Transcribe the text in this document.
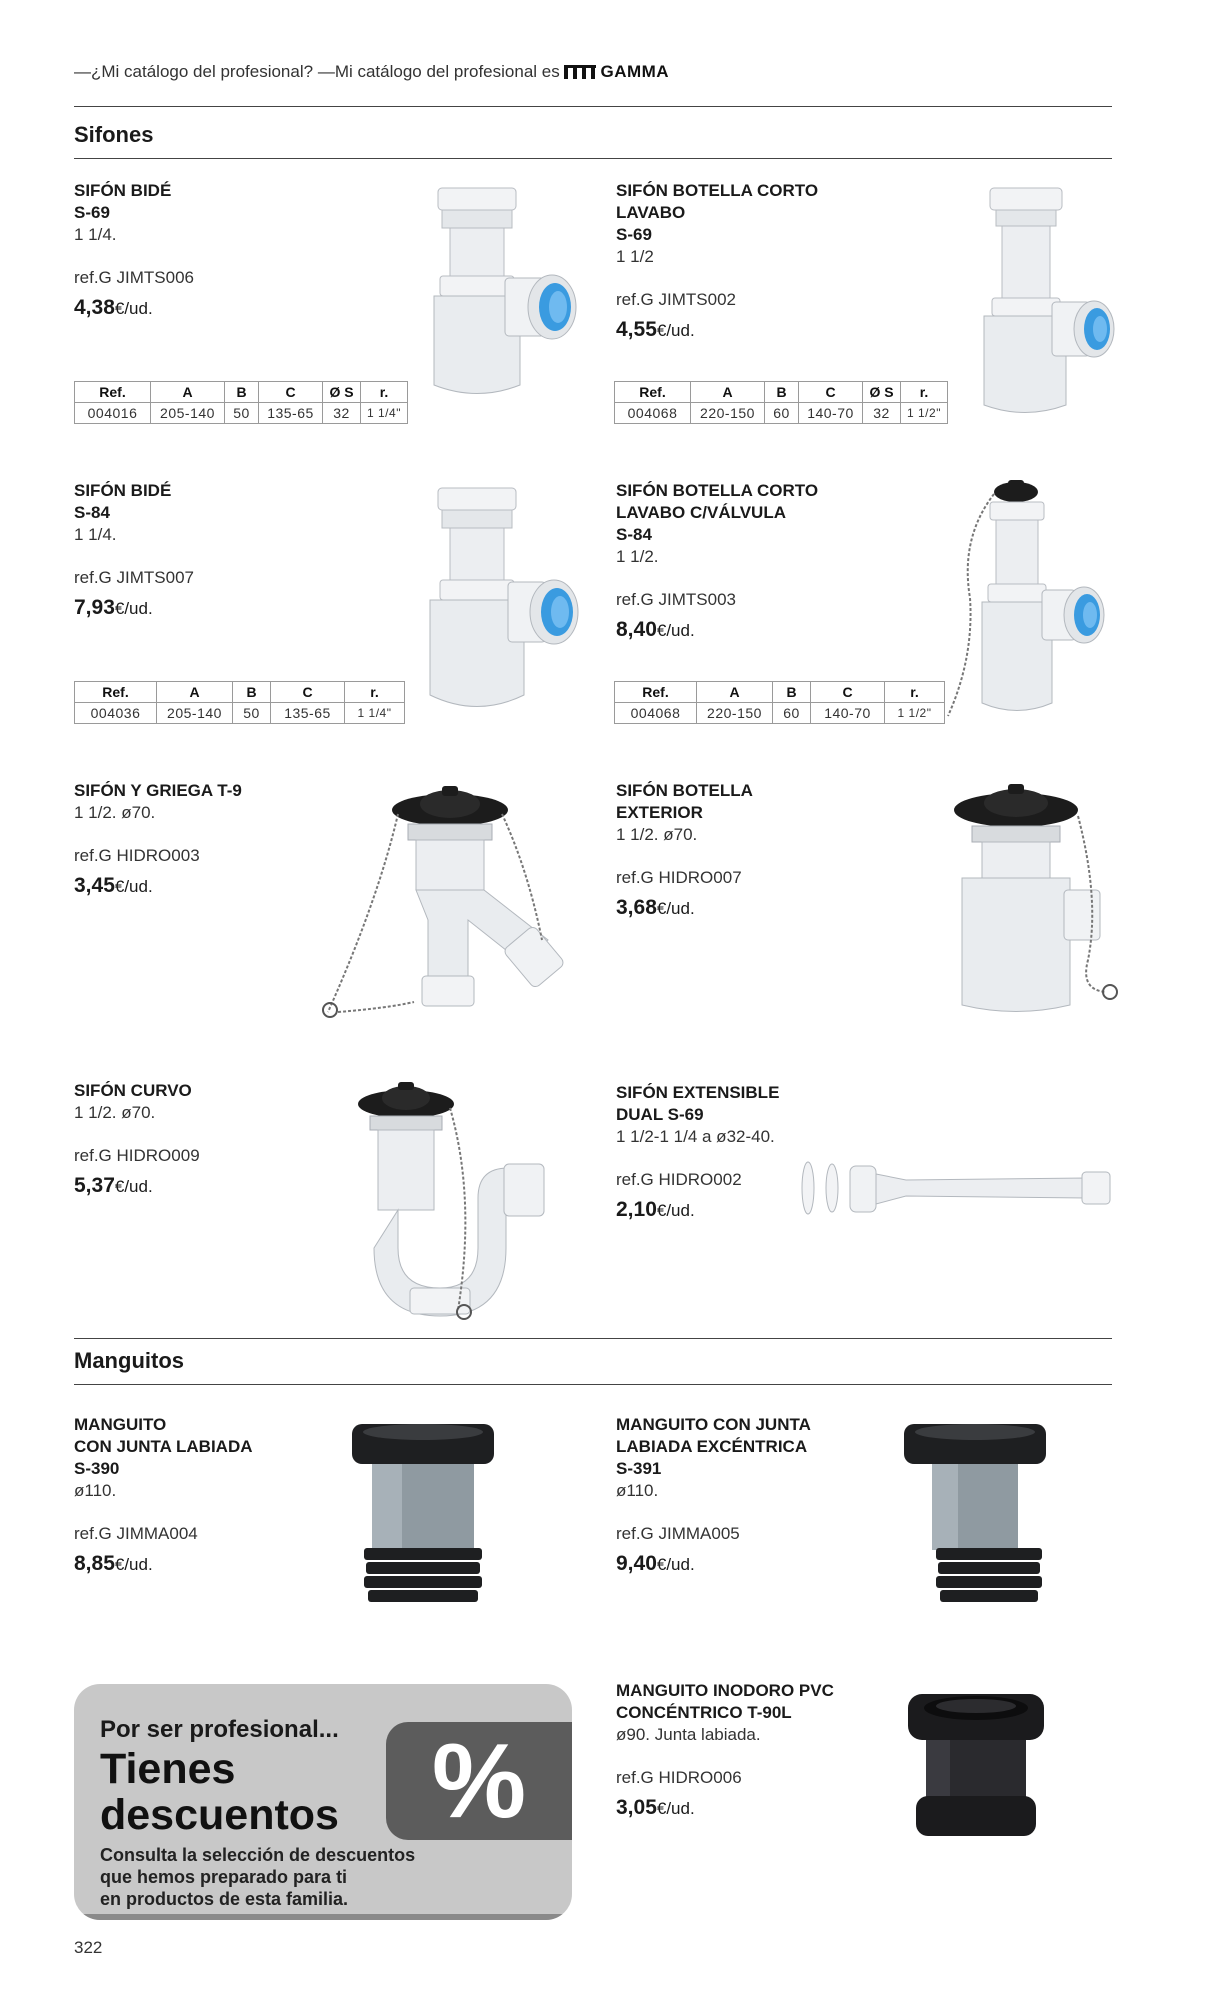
—¿Mi catálogo del profesional? —Mi catálogo del profesional es GAMMA
Sifones
SIFÓN BIDÉ
S-69
1 1/4.
ref.G JIMTS006
4,38€/ud.
Ref.	A	B	C	Ø S	r.
004016	205-140	50	135-65	32	1 1/4"
SIFÓN BOTELLA CORTO
LAVABO
S-69
1 1/2
ref.G JIMTS002
4,55€/ud.
Ref.	A	B	C	Ø S	r.
004068	220-150	60	140-70	32	1 1/2"
SIFÓN BIDÉ
S-84
1 1/4.
ref.G JIMTS007
7,93€/ud.
Ref.	A	B	C	r.
004036	205-140	50	135-65	1 1/4"
SIFÓN BOTELLA CORTO
LAVABO C/VÁLVULA
S-84
1 1/2.
ref.G JIMTS003
8,40€/ud.
Ref.	A	B	C	r.
004068	220-150	60	140-70	1 1/2"
SIFÓN Y GRIEGA T-9
1 1/2. ø70.
ref.G HIDRO003
3,45€/ud.
SIFÓN BOTELLA
EXTERIOR
1 1/2. ø70.
ref.G HIDRO007
3,68€/ud.
SIFÓN CURVO
1 1/2. ø70.
ref.G HIDRO009
5,37€/ud.
SIFÓN EXTENSIBLE
DUAL S-69
1 1/2-1 1/4 a ø32-40.
ref.G HIDRO002
2,10€/ud.
Manguitos
MANGUITO
CON JUNTA LABIADA
S-390
ø110.
ref.G JIMMA004
8,85€/ud.
MANGUITO CON JUNTA
LABIADA EXCÉNTRICA
S-391
ø110.
ref.G JIMMA005
9,40€/ud.
Por ser profesional...
Tienes
descuentos %
Consulta la selección de descuentos
que hemos preparado para ti
en productos de esta familia.
MANGUITO INODORO PVC
CONCÉNTRICO T-90L
ø90. Junta labiada.
ref.G HIDRO006
3,05€/ud.
322
